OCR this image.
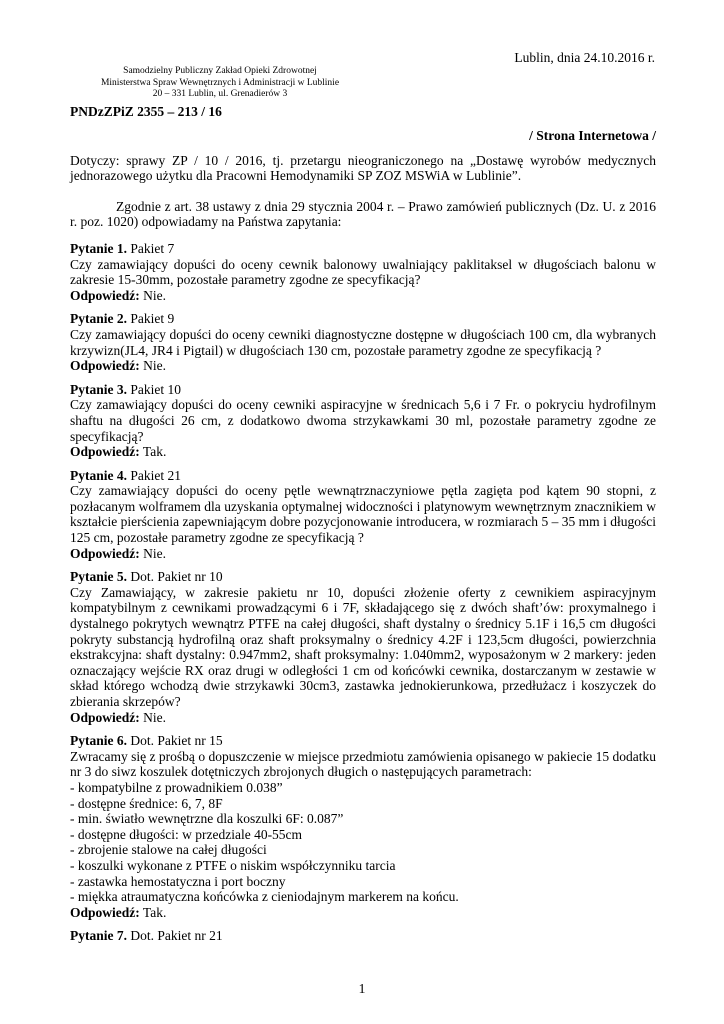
Lublin, dnia 24.10.2016 r.
Samodzielny Publiczny Zakład Opieki Zdrowotnej
Ministerstwa Spraw Wewnętrznych i Administracji w Lublinie
20 – 331 Lublin, ul. Grenadierów 3
PNDzZPiZ 2355 – 213 / 16

/ Strona Internetowa /

Dotyczy: sprawy ZP / 10 / 2016, tj. przetargu nieograniczonego na „Dostawę wyrobów medycznych jednorazowego użytku dla Pracowni Hemodynamiki SP ZOZ MSWiA w Lublinie”.

Zgodnie z art. 38 ustawy z dnia 29 stycznia 2004 r. – Prawo zamówień publicznych (Dz. U. z 2016 r. poz. 1020) odpowiadamy na Państwa zapytania:

Pytanie 1. Pakiet 7

Czy zamawiający dopuści do oceny cewnik balonowy uwalniający paklitaksel w długościach balonu w zakresie 15-30mm, pozostałe parametry zgodne ze specyfikacją?

Odpowiedź: Nie.

Pytanie 2. Pakiet 9

Czy zamawiający dopuści do oceny cewniki diagnostyczne dostępne w długościach 100 cm, dla wybranych krzywizn(JL4, JR4 i Pigtail) w długościach 130 cm, pozostałe parametry zgodne ze specyfikacją ?

Odpowiedź: Nie.

Pytanie 3. Pakiet 10

Czy zamawiający dopuści do oceny cewniki aspiracyjne w średnicach 5,6 i 7 Fr. o pokryciu hydrofilnym shaftu na długości 26 cm, z dodatkowo dwoma strzykawkami 30 ml, pozostałe parametry zgodne ze specyfikacją?

Odpowiedź: Tak.

Pytanie 4. Pakiet 21

Czy zamawiający dopuści do oceny pętle wewnątrznaczyniowe pętla zagięta pod kątem 90 stopni, z pozłacanym wolframem dla uzyskania optymalnej widoczności i platynowym wewnętrznym znacznikiem w kształcie pierścienia zapewniającym dobre pozycjonowanie introducera, w rozmiarach 5 – 35 mm i długości 125 cm, pozostałe parametry zgodne ze specyfikacją ?

Odpowiedź: Nie.

Pytanie 5. Dot. Pakiet nr 10

Czy Zamawiający, w zakresie pakietu nr 10, dopuści złożenie oferty z cewnikiem aspiracyjnym kompatybilnym z cewnikami prowadzącymi 6 i 7F, składającego się z dwóch shaft’ów: proxymalnego i dystalnego pokrytych wewnątrz PTFE na całej długości, shaft dystalny o średnicy 5.1F i 16,5 cm długości pokryty substancją hydrofilną oraz shaft proksymalny o średnicy 4.2F i 123,5cm długości, powierzchnia ekstrakcyjna: shaft dystalny: 0.947mm2, shaft proksymalny: 1.040mm2, wyposażonym w 2 markery: jeden oznaczający wejście RX oraz drugi w odległości 1 cm od końcówki cewnika, dostarczanym w zestawie w skład którego wchodzą dwie strzykawki 30cm3, zastawka jednokierunkowa, przedłużacz i koszyczek do zbierania skrzepów?

Odpowiedź: Nie.

Pytanie 6. Dot. Pakiet nr 15

Zwracamy się z prośbą o dopuszczenie w miejsce przedmiotu zamówienia opisanego w pakiecie 15 dodatku nr 3 do siwz koszulek dotętniczych zbrojonych długich o następujących parametrach:

- kompatybilne z prowadnikiem 0.038”
- dostępne średnice: 6, 7, 8F
- min. światło wewnętrzne dla koszulki 6F: 0.087”
- dostępne długości: w przedziale 40-55cm
- zbrojenie stalowe na całej długości
- koszulki wykonane z PTFE o niskim współczynniku tarcia
- zastawka hemostatyczna i port boczny
- miękka atraumatyczna końcówka z cieniodajnym markerem na końcu.

Odpowiedź: Tak.

Pytanie 7. Dot. Pakiet nr 21

1
